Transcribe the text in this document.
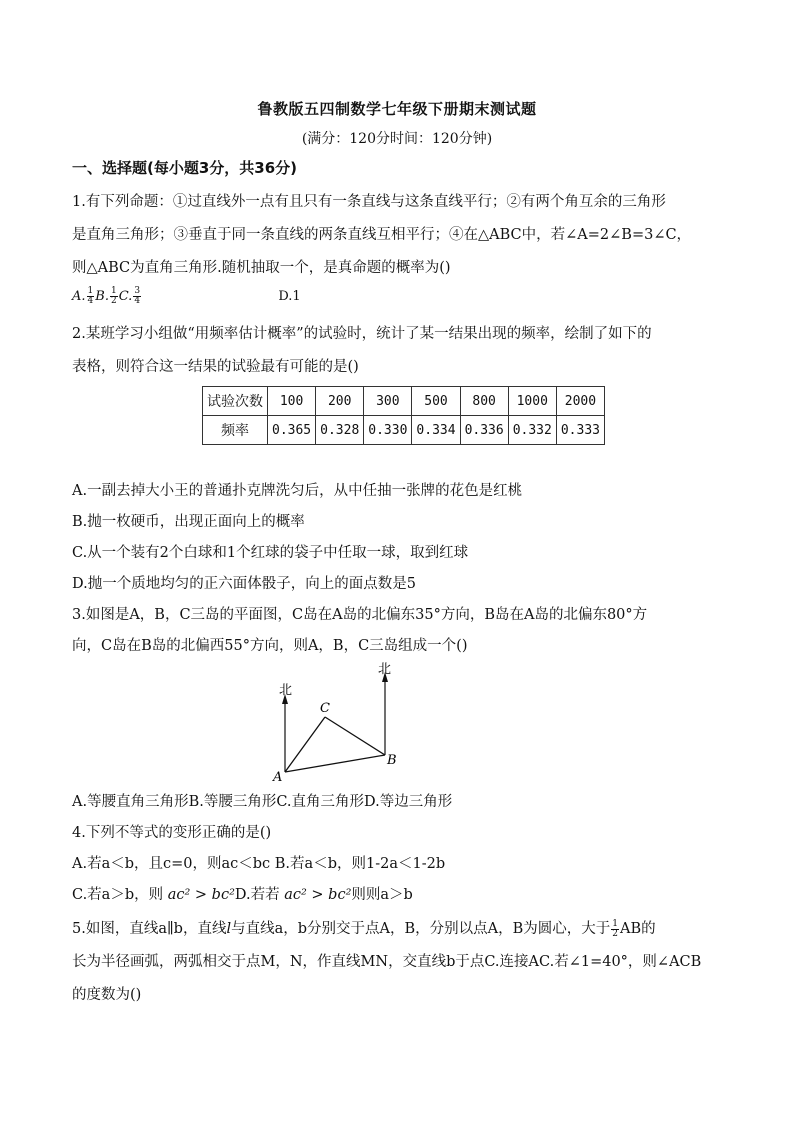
鲁教版五四制数学七年级下册期末测试题
(满分：120分时间：120分钟)
一、选择题(每小题3分，共36分)
1.有下列命题：①过直线外一点有且只有一条直线与这条直线平行；②有两个角互余的三角形
是直角三角形；③垂直于同一条直线的两条直线互相平行；④在△ABC中，若∠A=2∠B=3∠C，
则△ABC为直角三角形.随机抽取一个，是真命题的概率为()
A. $\frac{1}{4} B$. $\frac{1}{2} C$. $\frac{3}{4}$	D.1
2.某班学习小组做“用频率估计概率”的试验时，统计了某一结果出现的频率，绘制了如下的
表格，则符合这一结果的试验最有可能的是()
试验次数	100	200	300	500	800	1000	2000
频率	0.365	0.328	0.330	0.334	0.336	0.332	0.333
A.一副去掉大小王的普通扑克牌洗匀后，从中任抽一张牌的花色是红桃
B.抛一枚硬币，出现正面向上的概率
C.从一个装有2个白球和1个红球的袋子中任取一球，取到红球
D.抛一个质地均匀的正六面体骰子，向上的面点数是5
3.如图是A，B，C三岛的平面图，C岛在A岛的北偏东35°方向，B岛在A岛的北偏东80°方
向，C岛在B岛的北偏西55°方向，则A，B，C三岛组成一个()
北
北
A
B
C
A.等腰直角三角形B.等腰三角形C.直角三角形D.等边三角形
4.下列不等式的变形正确的是()
A.若a＜b，且c=0，则ac＜bc B.若a＜b，则1-2a＜1-2b
C.若a＞b，则 ac² > bc²D.若若 ac² > bc²则则a＞b
5.如图，直线a∥b，直线l与直线a，b分别交于点A，B，分别以点A，B为圆心，大于 $\frac{1}{2}$ AB的
长为半径画弧，两弧相交于点M，N，作直线MN，交直线b于点C.连接AC.若∠1=40°，则∠ACB
的度数为()
